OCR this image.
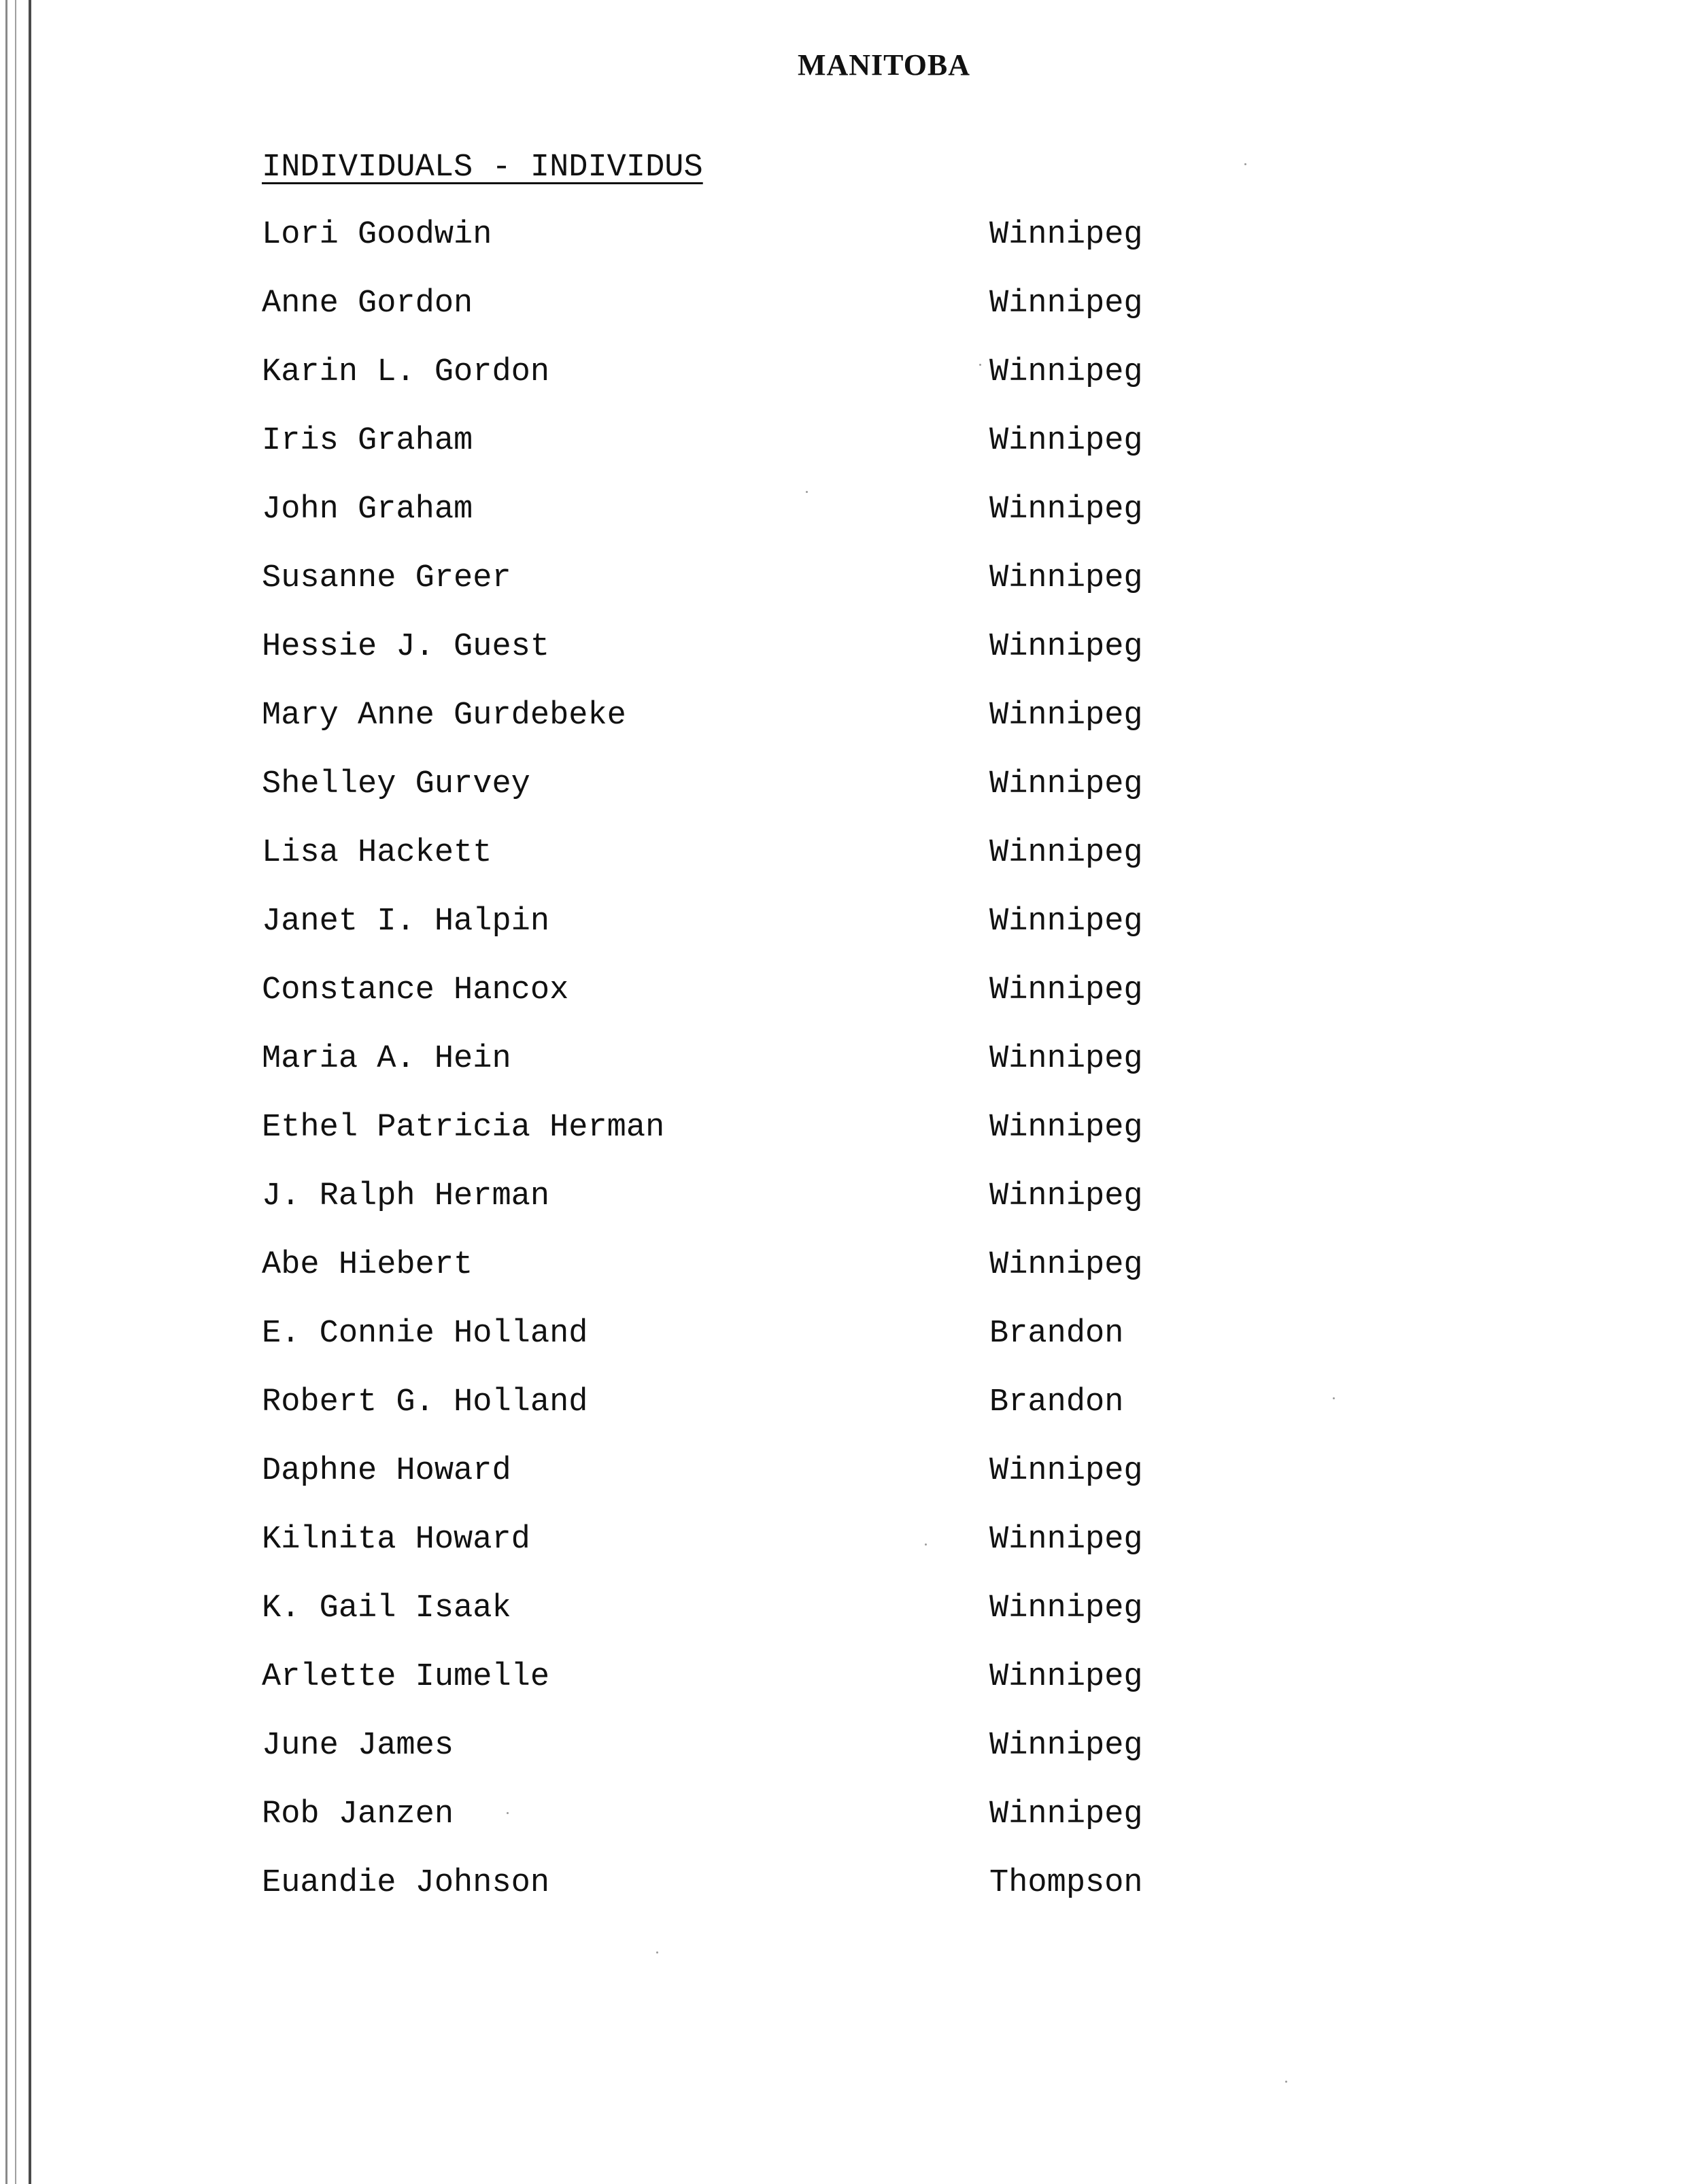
MANITOBA
INDIVIDUALS - INDIVIDUS
Lori Goodwin	Winnipeg
Anne Gordon	Winnipeg
Karin L. Gordon	Winnipeg
Iris Graham	Winnipeg
John Graham	Winnipeg
Susanne Greer	Winnipeg
Hessie J. Guest	Winnipeg
Mary Anne Gurdebeke	Winnipeg
Shelley Gurvey	Winnipeg
Lisa Hackett	Winnipeg
Janet I. Halpin	Winnipeg
Constance Hancox	Winnipeg
Maria A. Hein	Winnipeg
Ethel Patricia Herman	Winnipeg
J. Ralph Herman	Winnipeg
Abe Hiebert	Winnipeg
E. Connie Holland	Brandon
Robert G. Holland	Brandon
Daphne Howard	Winnipeg
Kilnita Howard	Winnipeg
K. Gail Isaak	Winnipeg
Arlette Iumelle	Winnipeg
June James	Winnipeg
Rob Janzen	Winnipeg
Euandie Johnson	Thompson
